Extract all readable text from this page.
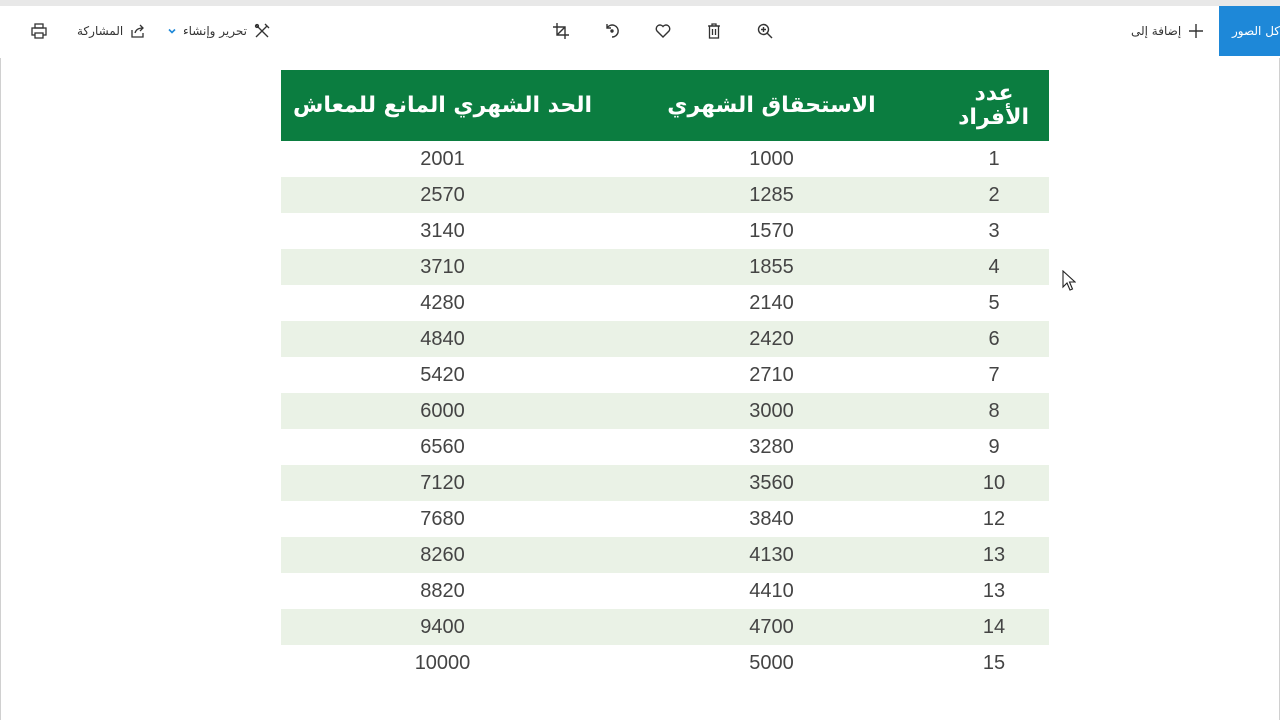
المشاركة	تحرير وإنشاء	إضافة إلى	كل الصور
عدد الأفراد	الاستحقاق الشهري	الحد الشهري المانع للمعاش
1	1000	2001
2	1285	2570
3	1570	3140
4	1855	3710
5	2140	4280
6	2420	4840
7	2710	5420
8	3000	6000
9	3280	6560
10	3560	7120
12	3840	7680
13	4130	8260
13	4410	8820
14	4700	9400
15	5000	10000
